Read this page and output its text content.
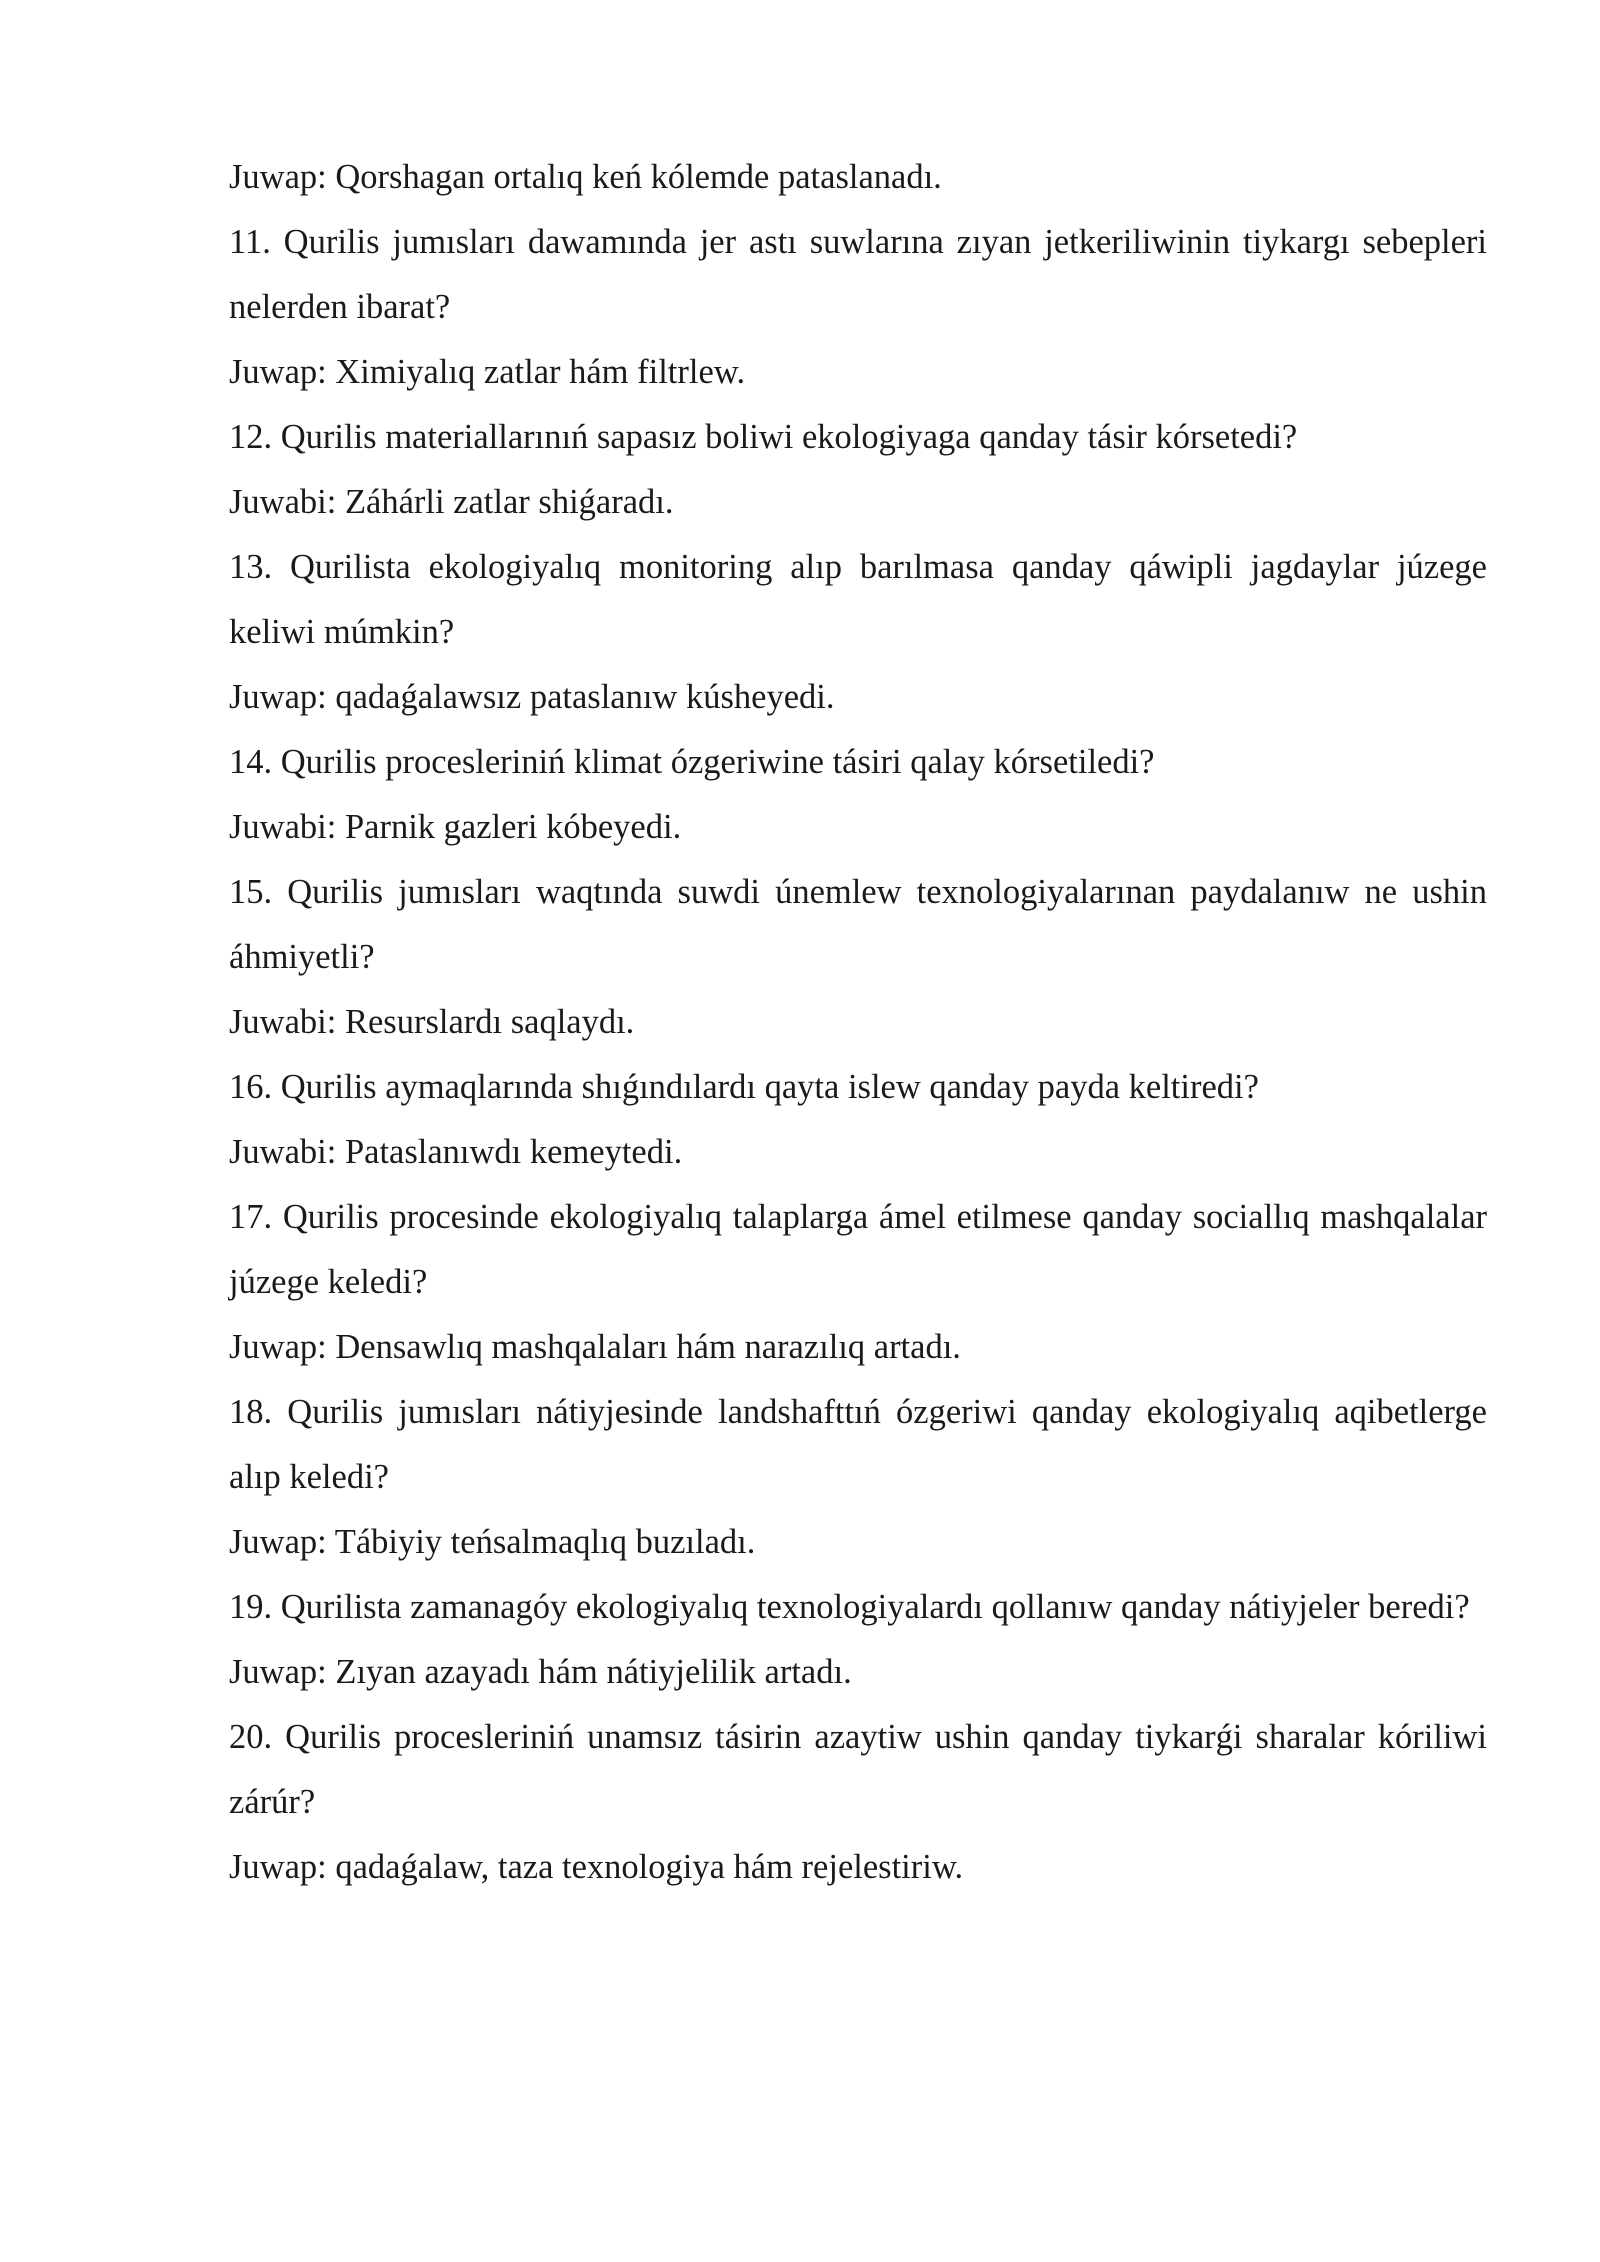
Juwap: Qorshagan ortalıq keń kólemde pataslanadı.

11. Qurilis jumısları dawamında jer astı suwlarına zıyan jetkeriliwinin tiykargı sebepleri nelerden ibarat?

Juwap: Ximiyalıq zatlar hám filtrlew.

12. Qurilis materiallarınıń sapasız boliwi ekologiyaga qanday tásir kórsetedi?

Juwabi: Záhárli zatlar shiǵaradı.

13. Qurilista ekologiyalıq monitoring alıp barılmasa qanday qáwipli jagdaylar júzege keliwi múmkin?

Juwap: qadaǵalawsız pataslanıw kúsheyedi.

14. Qurilis procesleriniń klimat ózgeriwine tásiri qalay kórsetiledi?

Juwabi: Parnik gazleri kóbeyedi.

15. Qurilis jumısları waqtında suwdi únemlew texnologiyalarınan paydalanıw ne ushin áhmiyetli?

Juwabi: Resurslardı saqlaydı.

16. Qurilis aymaqlarında shıǵındılardı qayta islew qanday payda keltiredi?

Juwabi: Pataslanıwdı kemeytedi.

17. Qurilis procesinde ekologiyalıq talaplarga ámel etilmese qanday sociallıq mashqalalar júzege keledi?

Juwap: Densawlıq mashqalaları hám narazılıq artadı.

18. Qurilis jumısları nátiyjesinde landshafttıń ózgeriwi qanday ekologiyalıq aqibetlerge alıp keledi?

Juwap: Tábiyiy teńsalmaqlıq buzıladı.

19. Qurilista zamanagóy ekologiyalıq texnologiyalardı qollanıw qanday nátiyjeler beredi?

Juwap: Zıyan azayadı hám nátiyjelilik artadı.

20. Qurilis procesleriniń unamsız tásirin azaytiw ushin qanday tiykarǵi sharalar kóriliwi zárúr?

Juwap: qadaǵalaw, taza texnologiya hám rejelestiriw.
